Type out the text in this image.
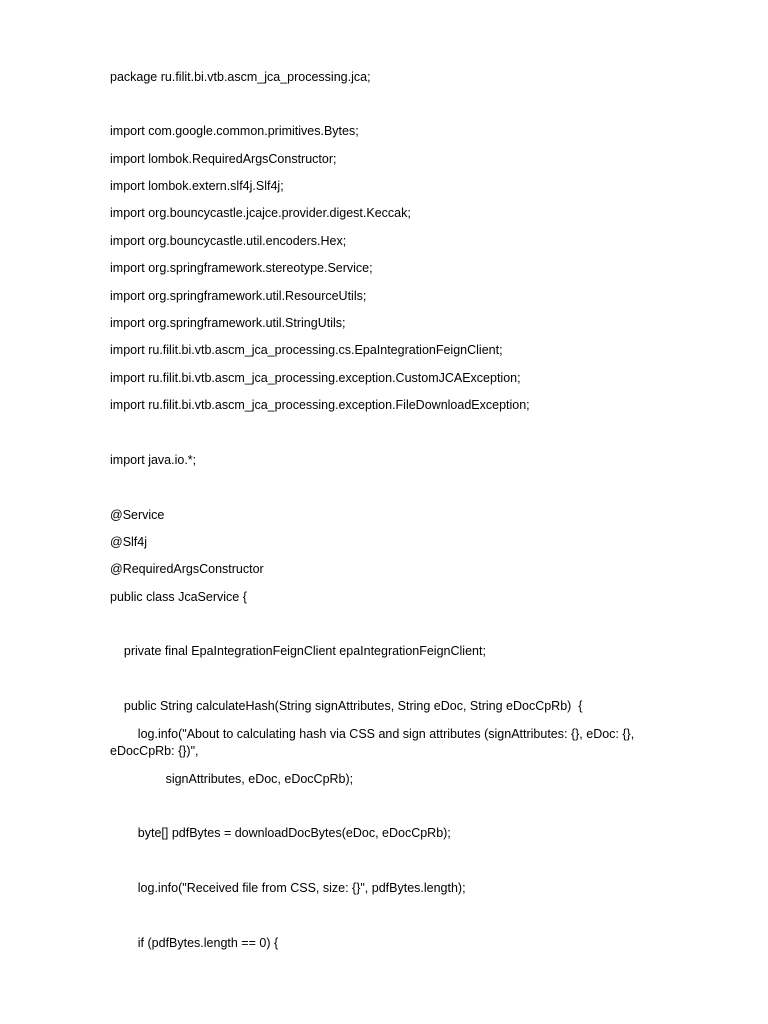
package ru.filit.bi.vtb.ascm_jca_processing.jca;
import com.google.common.primitives.Bytes;
import lombok.RequiredArgsConstructor;
import lombok.extern.slf4j.Slf4j;
import org.bouncycastle.jcajce.provider.digest.Keccak;
import org.bouncycastle.util.encoders.Hex;
import org.springframework.stereotype.Service;
import org.springframework.util.ResourceUtils;
import org.springframework.util.StringUtils;
import ru.filit.bi.vtb.ascm_jca_processing.cs.EpaIntegrationFeignClient;
import ru.filit.bi.vtb.ascm_jca_processing.exception.CustomJCAException;
import ru.filit.bi.vtb.ascm_jca_processing.exception.FileDownloadException;
import java.io.*;
@Service
@Slf4j
@RequiredArgsConstructor
public class JcaService {
private final EpaIntegrationFeignClient epaIntegrationFeignClient;
public String calculateHash(String signAttributes, String eDoc, String eDocCpRb)  {
log.info("About to calculating hash via CSS and sign attributes (signAttributes: {}, eDoc: {}, eDocCpRb: {})",
signAttributes, eDoc, eDocCpRb);
byte[] pdfBytes = downloadDocBytes(eDoc, eDocCpRb);
log.info("Received file from CSS, size: {}", pdfBytes.length);
if (pdfBytes.length == 0) {
